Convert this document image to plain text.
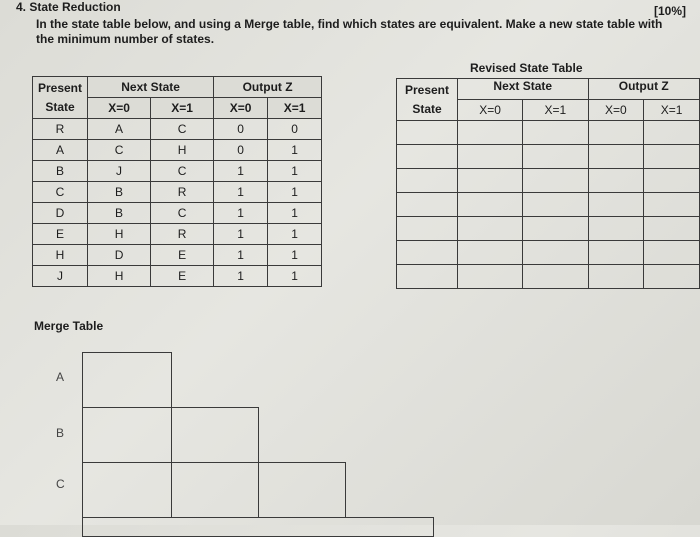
4. State Reduction	[10%]
In the state table below, and using a Merge table, find which states are equivalent. Make a new state table with the minimum number of states.
Present State	Next State		Output Z	
	X=0	X=1	X=0	X=1
R	A	C	0	0
A	C	H	0	1
B	J	C	1	1
C	B	R	1	1
D	B	C	1	1
E	H	R	1	1
H	D	E	1	1
J	H	E	1	1
Revised State Table
Present State	Next State		Output Z	
	X=0	X=1	X=0	X=1

Merge Table
A
B
C
